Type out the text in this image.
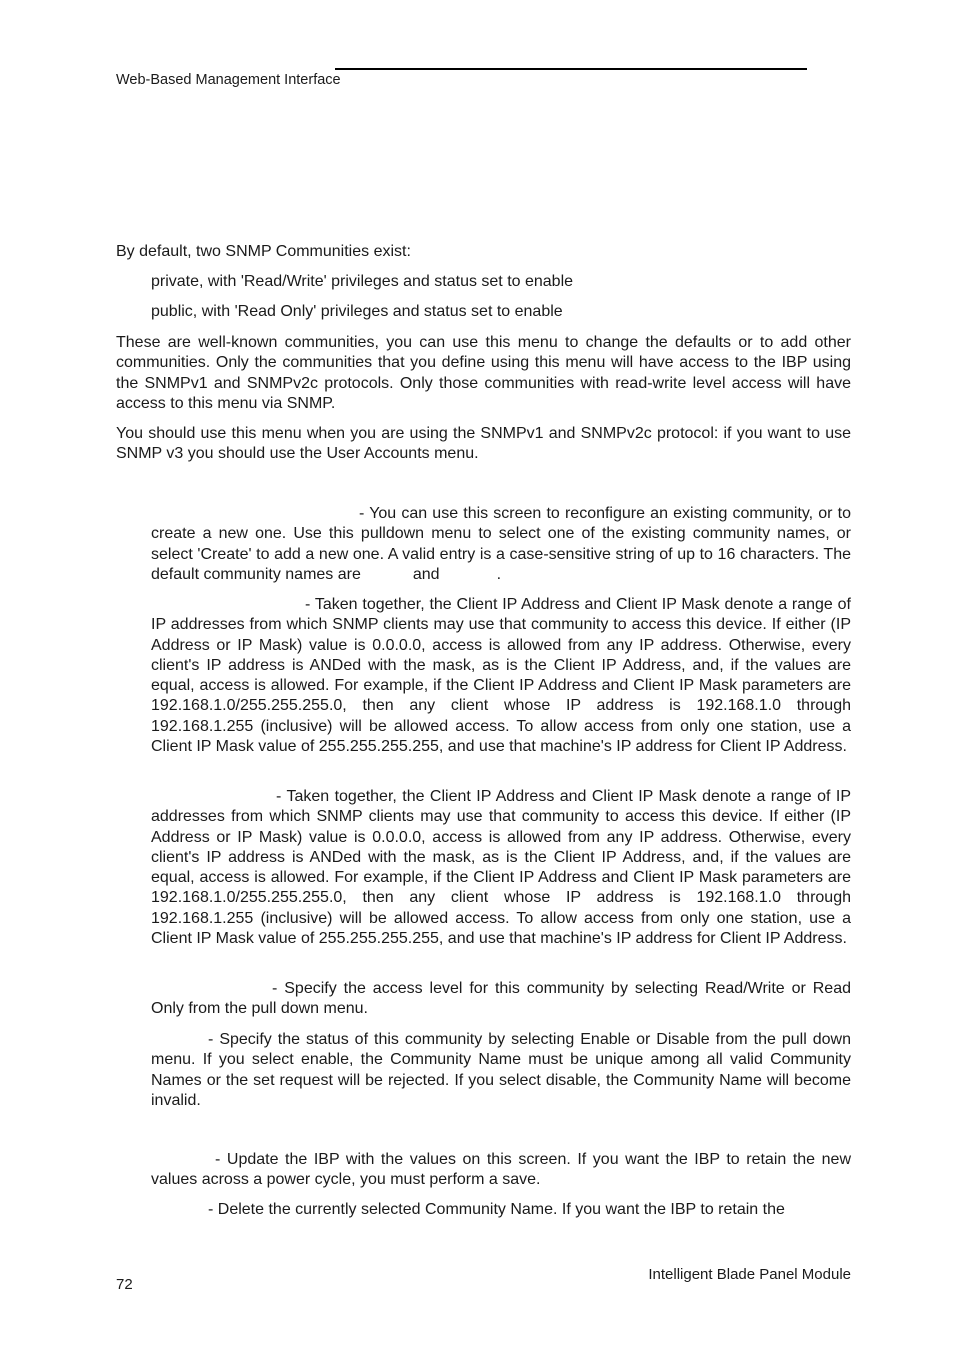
Web-Based Management Interface

By default, two SNMP Communities exist:

private, with 'Read/Write' privileges and status set to enable

public, with 'Read Only' privileges and status set to enable

These are well-known communities, you can use this menu to change the defaults or to add other communities. Only the communities that you define using this menu will have access to the IBP using the SNMPv1 and SNMPv2c protocols. Only those communities with read-write level access will have access to this menu via SNMP.

You should use this menu when you are using the SNMPv1 and SNMPv2c protocol: if you want to use SNMP v3 you should use the User Accounts menu.

- You can use this screen to reconfigure an existing community, or to create a new one. Use this pulldown menu to select one of the existing community names, or select 'Create' to add a new one. A valid entry is a case-sensitive string of up to 16 characters. The default community names are	and	.

- Taken together, the Client IP Address and Client IP Mask denote a range of IP addresses from which SNMP clients may use that community to access this device. If either (IP Address or IP Mask) value is 0.0.0.0, access is allowed from any IP address. Otherwise, every client's IP address is ANDed with the mask, as is the Client IP Address, and, if the values are equal, access is allowed. For example, if the Client IP Address and Client IP Mask parameters are 192.168.1.0/255.255.255.0, then any client whose IP address is 192.168.1.0 through 192.168.1.255 (inclusive) will be allowed access. To allow access from only one station, use a Client IP Mask value of 255.255.255.255, and use that machine's IP address for Client IP Address.

- Taken together, the Client IP Address and Client IP Mask denote a range of IP addresses from which SNMP clients may use that community to access this device. If either (IP Address or IP Mask) value is 0.0.0.0, access is allowed from any IP address. Otherwise, every client's IP address is ANDed with the mask, as is the Client IP Address, and, if the values are equal, access is allowed. For example, if the Client IP Address and Client IP Mask parameters are 192.168.1.0/255.255.255.0, then any client whose IP address is 192.168.1.0 through 192.168.1.255 (inclusive) will be allowed access. To allow access from only one station, use a Client IP Mask value of 255.255.255.255, and use that machine's IP address for Client IP Address.

- Specify the access level for this community by selecting Read/Write or Read Only from the pull down menu.

- Specify the status of this community by selecting Enable or Disable from the pull down menu. If you select enable, the Community Name must be unique among all valid Community Names or the set request will be rejected. If you select disable, the Community Name will become invalid.

- Update the IBP with the values on this screen. If you want the IBP to retain the new values across a power cycle, you must perform a save.

- Delete the currently selected Community Name. If you want the IBP to retain the

72
Intelligent Blade Panel Module
